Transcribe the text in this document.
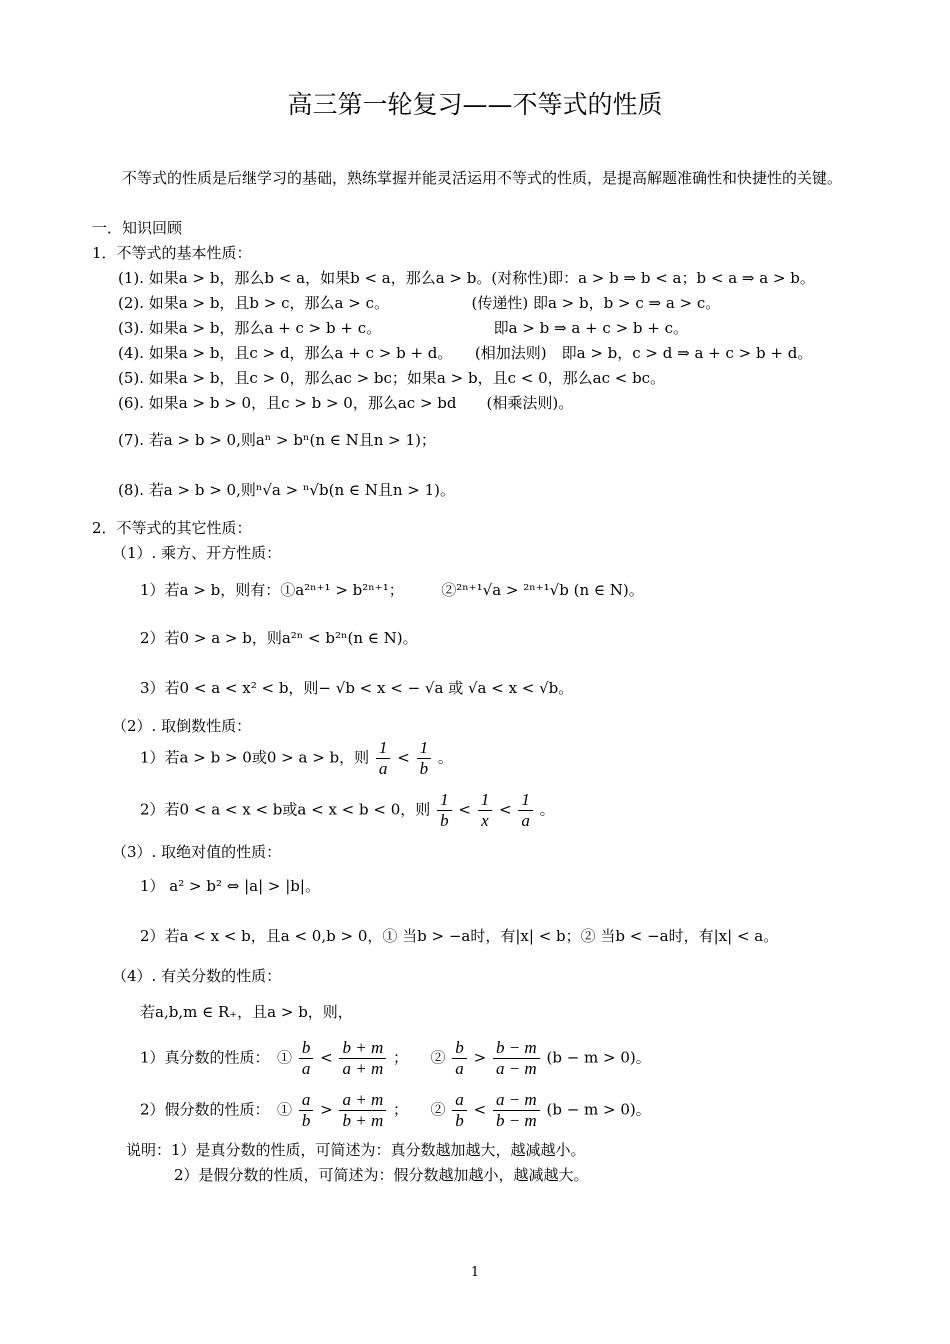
高三第一轮复习——不等式的性质
不等式的性质是后继学习的基础，熟练掌握并能灵活运用不等式的性质，是提高解题准确性和快捷性的关键。
一．知识回顾
1．不等式的基本性质：
(1). 如果a > b，那么b < a，如果b < a，那么a > b。(对称性)即：a > b ⇒ b < a；b < a ⇒ a > b。
(2). 如果a > b，且b > c，那么a > c。　　　　　　(传递性) 即a > b，b > c ⇒ a > c。
(3). 如果a > b，那么a + c > b + c。　　　　　　　　即a > b ⇒ a + c > b + c。
(4). 如果a > b，且c > d，那么a + c > b + d。　　(相加法则)　即a > b，c > d ⇒ a + c > b + d。
(5). 如果a > b，且c > 0，那么ac > bc；如果a > b，且c < 0，那么ac < bc。
(6). 如果a > b > 0，且c > b > 0，那么ac > bd　　(相乘法则)。
(7). 若a > b > 0,则aⁿ > bⁿ(n ∈ N且n > 1)；
(8). 若a > b > 0,则ⁿ√a > ⁿ√b(n ∈ N且n > 1)。
2．不等式的其它性质：
（1）. 乘方、开方性质：
1）若a > b，则有：①a²ⁿ⁺¹ > b²ⁿ⁺¹；　　　②²ⁿ⁺¹√a > ²ⁿ⁺¹√b (n ∈ N)。
2）若0 > a > b，则a²ⁿ < b²ⁿ(n ∈ N)。
3）若0 < a < x² < b，则− √b < x < − √a 或 √a < x < √b。
（2）. 取倒数性质：
1）若a > b > 0或0 > a > b，则 $\frac{1}{a} < \frac{1}{b}$ 。
2）若0 < a < x < b或a < x < b < 0，则 $\frac{1}{b} < \frac{1}{x} < \frac{1}{a}$ 。
（3）. 取绝对值的性质：
1） a² > b² ⇔ |a| > |b|。
2）若a < x < b，且a < 0,b > 0，① 当b > −a时，有|x| < b；② 当b < −a时，有|x| < a。
（4）. 有关分数的性质：
若a,b,m ∈ R₊，且a > b，则，
1）真分数的性质：　① $\frac{b}{a} < \frac{b + m}{a + m}$ ；　　② $\frac{b}{a} > \frac{b - m}{a - m} (b - m > 0)$。
2）假分数的性质：　① $\frac{a}{b} > \frac{a + m}{b + m}$ ；　　② $\frac{a}{b} < \frac{a - m}{b - m} (b - m > 0)$。
说明：1）是真分数的性质，可简述为：真分数越加越大，越减越小。
2）是假分数的性质，可简述为：假分数越加越小，越减越大。
1
